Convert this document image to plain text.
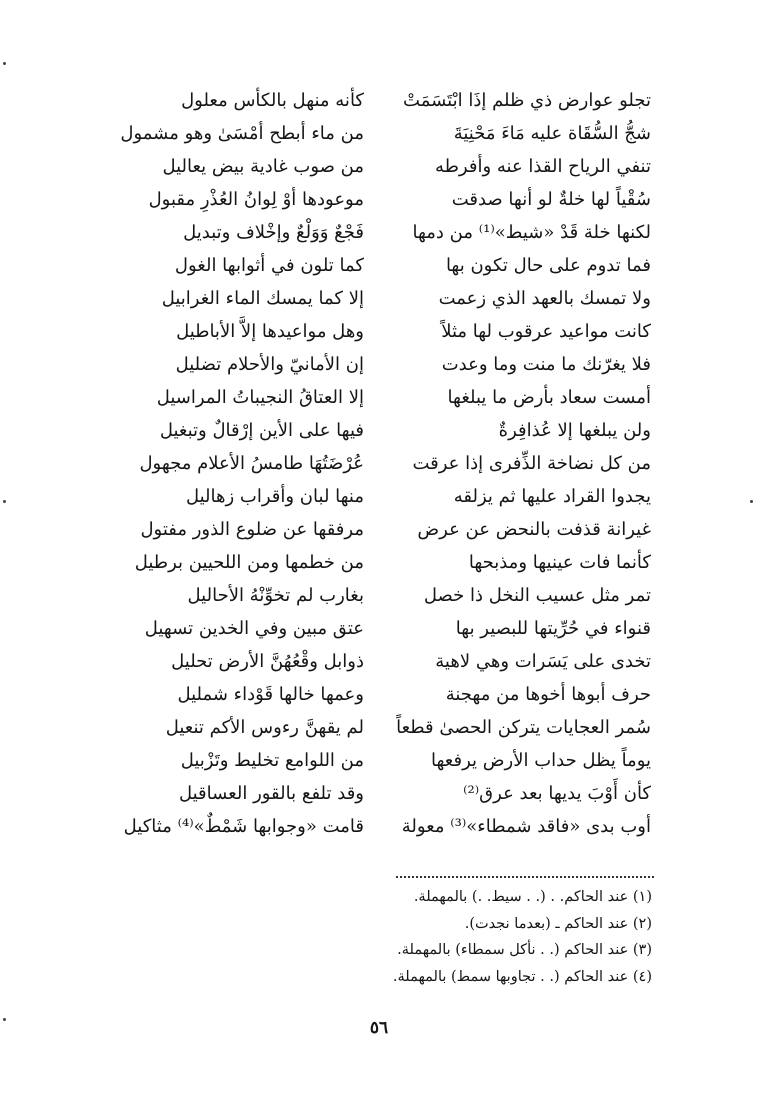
تجلو عوارض ذي ظلم إذَا ابْتَسَمَتْ
شجُّ السُّقَاة عليه مَاءَ مَحْنِيَةَ
تنفي الرياح القذا عنه وأفرطه
سُقْياً لها خلةٌ لو أنها صدقت
لكنها خلة قَدْ «شيط»⁽¹⁾ من دمها
فما تدوم على حال تكون بها
ولا تمسك بالعهد الذي زعمت
كانت مواعيد عرقوب لها مثلاً
فلا يغرّنك ما منت وما وعدت
أمست سعاد بأرض ما يبلغها
ولن يبلغها إلا عُذافِرةٌ
من كل نضاخة الذِّفرى إذا عرقت
يجدوا القراد عليها ثم يزلقه
غيرانة قذفت بالنحض عن عرض
كأنما فات عينيها ومذبحها
تمر مثل عسيب النخل ذا خصل
قنواء في حُرِّيتها للبصير بها
تخدى على يَسَرات وهي لاهية
حرف أبوها أخوها من مهجنة
سُمر العجايات يتركن الحصىٰ قطعاً
يوماً يظل حداب الأرض يرفعها
كأن أَوْبَ يديها بعد عرق⁽²⁾
أوب بدى «فاقد شمطاء»⁽³⁾ معولة
كأنه منهل بالكأس معلول
من ماء أبطح أمْسَىٰ وهو مشمول
من صوب غادية بيض يعاليل
موعودها أوْ لِوانُ العُذْرِ مقبول
فَجْعٌ وَوَلْعٌ وإخْلاف وتبديل
كما تلون في أثوابها الغول
إلا كما يمسك الماء الغرابيل
وهل مواعيدها إلاَّ الأباطيل
إن الأمانيّ والأحلام تضليل
إلا العتاقُ النجيباتُ المراسيل
فيها على الأين إرْقالٌ وتبغيل
عُرْضَتُهَا طامسُ الأعلام مجهول
منها لبان وأقراب زهاليل
مرفقها عن ضلوع الذور مفتول
من خطمها ومن اللحيين برطيل
بغارب لم تخوِّنْهُ الأحاليل
عتق مبين وفي الخدين تسهيل
ذوابل وقْعُهُنَّ الأرض تحليل
وعمها خالها قَوْداء شمليل
لم يقهنَّ رءوس الأكم تنعيل
من اللوامع تخليط وتَزْبيل
وقد تلفع بالقور العساقيل
قامت «وجوابها شَمْطٌ»⁽⁴⁾ مثاكيل
(١) عند الحاكم. . (. . سيط. .) بالمهملة.
(٢) عند الحاكم ـ (بعدما نجدت).
(٣) عند الحاكم (. . نأكل سمطاء) بالمهملة.
(٤) عند الحاكم (. . تجاوبها سمط) بالمهملة.
٥٦
